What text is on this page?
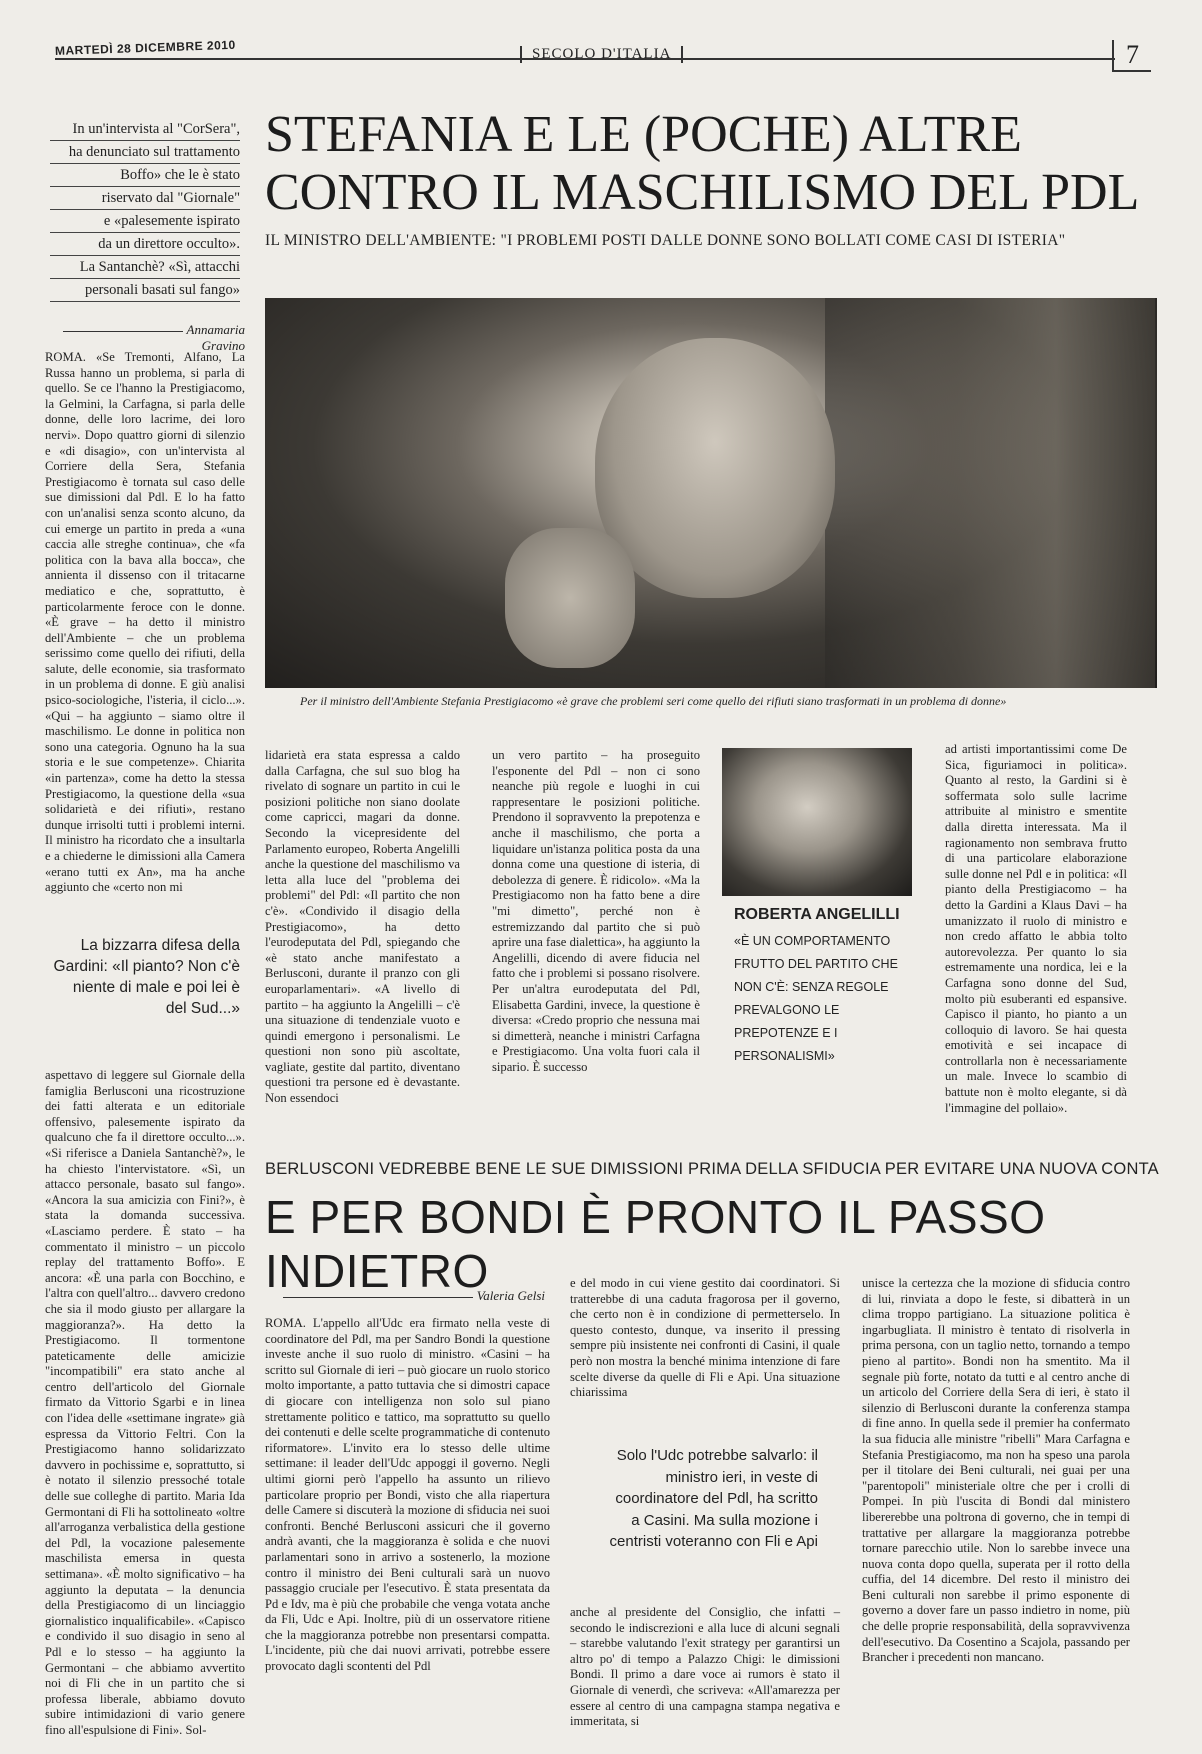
MARTEDÌ 28 DICEMBRE 2010	SECOLO D'ITALIA	7
In un'intervista al "CorSera",
ha denunciato sul trattamento
Boffo» che le è stato
riservato dal "Giornale"
e «palesemente ispirato
da un direttore occulto».
La Santanchè? «Sì, attacchi
personali basati sul fango»
STEFANIA E LE (POCHE) ALTRE
CONTRO IL MASCHILISMO DEL PDL
IL MINISTRO DELL'AMBIENTE: "I PROBLEMI POSTI DALLE DONNE SONO BOLLATI COME CASI DI ISTERIA"
Annamaria Gravino

ROMA. «Se Tremonti, Alfano, La Russa hanno un problema, si parla di quello. Se ce l'hanno la Prestigiacomo, la Gelmini, la Carfagna, si parla delle donne, delle loro lacrime, dei loro nervi». Dopo quattro giorni di silenzio e «di disagio», con un'intervista al Corriere della Sera, Stefania Prestigiacomo è tornata sul caso delle sue dimissioni dal Pdl. E lo ha fatto con un'analisi senza sconto alcuno, da cui emerge un partito in preda a «una caccia alle streghe continua», che «fa politica con la bava alla bocca», che annienta il dissenso con il tritacarne mediatico e che, soprattutto, è particolarmente feroce con le donne. «È grave – ha detto il ministro dell'Ambiente – che un problema serissimo come quello dei rifiuti, della salute, delle economie, sia trasformato in un problema di donne. E giù analisi psico-sociologiche, l'isteria, il ciclo...». «Qui – ha aggiunto – siamo oltre il maschilismo. Le donne in politica non sono una categoria. Ognuno ha la sua storia e le sue competenze». Chiarita «in partenza», come ha detto la stessa Prestigiacomo, la questione della «sua solidarietà e dei rifiuti», restano dunque irrisolti tutti i problemi interni. Il ministro ha ricordato che a insultarla e a chiederne le dimissioni alla Camera «erano tutti ex An», ma ha anche aggiunto che «certo non mi

La bizzarra difesa della Gardini: «Il pianto? Non c'è niente di male e poi lei è del Sud...»

aspettavo di leggere sul Giornale della famiglia Berlusconi una ricostruzione dei fatti alterata e un editoriale offensivo, palesemente ispirato da qualcuno che fa il direttore occulto...». «Si riferisce a Daniela Santanchè?», le ha chiesto l'intervistatore. «Sì, un attacco personale, basato sul fango». «Ancora la sua amicizia con Fini?», è stata la domanda successiva. «Lasciamo perdere. È stato – ha commentato il ministro – un piccolo replay del trattamento Boffo». E ancora: «È una parla con Bocchino, e l'altra con quell'altro... davvero credono che sia il modo giusto per allargare la maggioranza?». Ha detto la Prestigiacomo. Il tormentone pateticamente delle amicizie "incompatibili" era stato anche al centro dell'articolo del Giornale firmato da Vittorio Sgarbi e in linea con l'idea delle «settimane ingrate» già espressa da Vittorio Feltri. Con la Prestigiacomo hanno solidarizzato davvero in pochissime e, soprattutto, si è notato il silenzio pressoché totale delle sue colleghe di partito. Maria Ida Germontani di Fli ha sottolineato «oltre all'arroganza verbalistica della gestione del Pdl, la vocazione palesemente maschilista emersa in questa settimana». «È molto significativo – ha aggiunto la deputata – la denuncia della Prestigiacomo di un linciaggio giornalistico inqualificabile». «Capisco e condivido il suo disagio in seno al Pdl e lo stesso – ha aggiunto la Germontani – che abbiamo avvertito noi di Fli che in un partito che si professa liberale, abbiamo dovuto subire intimidazioni di vario genere fino all'espulsione di Fini». Sol-

Per il ministro dell'Ambiente Stefania Prestigiacomo «è grave che problemi seri come quello dei rifiuti siano trasformati in un problema di donne»

lidarietà era stata espressa a caldo dalla Carfagna, che sul suo blog ha rivelato di sognare un partito in cui le posizioni politiche non siano doolate come capricci, magari da donne. Secondo la vicepresidente del Parlamento europeo, Roberta Angelilli anche la questione del maschilismo va letta alla luce del "problema dei problemi" del Pdl: «Il partito che non c'è». «Condivido il disagio della Prestigiacomo», ha detto l'eurodeputata del Pdl, spiegando che «è stato anche manifestato a Berlusconi, durante il pranzo con gli europarlamentari». «A livello di partito – ha aggiunto la Angelilli – c'è una situazione di tendenziale vuoto e quindi emergono i personalismi. Le questioni non sono più ascoltate, vagliate, gestite dal partito, diventano questioni tra persone ed è devastante. Non essendoci

un vero partito – ha proseguito l'esponente del Pdl – non ci sono neanche più regole e luoghi in cui rappresentare le posizioni politiche. Prendono il sopravvento la prepotenza e anche il maschilismo, che porta a liquidare un'istanza politica posta da una donna come una questione di isteria, di debolezza di genere. È ridicolo». «Ma la Prestigiacomo non ha fatto bene a dire "mi dimetto", perché non è estremizzando dal partito che si può aprire una fase dialettica», ha aggiunto la Angelilli, dicendo di avere fiducia nel fatto che i problemi si possano risolvere. Per un'altra eurodeputata del Pdl, Elisabetta Gardini, invece, la questione è diversa: «Credo proprio che nessuna mai si dimetterà, neanche i ministri Carfagna e Prestigiacomo. Una volta fuori cala il sipario. È successo

ROBERTA ANGELILLI
«È UN COMPORTAMENTO FRUTTO DEL PARTITO CHE NON C'È: SENZA REGOLE PREVALGONO LE PREPOTENZE E I PERSONALISMI»

ad artisti importantissimi come De Sica, figuriamoci in politica». Quanto al resto, la Gardini si è soffermata solo sulle lacrime attribuite al ministro e smentite dalla diretta interessata. Ma il ragionamento non sembrava frutto di una particolare elaborazione sulle donne nel Pdl e in politica: «Il pianto della Prestigiacomo – ha detto la Gardini a Klaus Davi – ha umanizzato il ruolo di ministro e non credo affatto le abbia tolto autorevolezza. Per quanto lo sia estremamente una nordica, lei e la Carfagna sono donne del Sud, molto più esuberanti ed espansive. Capisco il pianto, ho pianto a un colloquio di lavoro. Se hai questa emotività e sei incapace di controllarla non è necessariamente un male. Invece lo scambio di battute non è molto elegante, si dà l'immagine del pollaio».

BERLUSCONI VEDREBBE BENE LE SUE DIMISSIONI PRIMA DELLA SFIDUCIA PER EVITARE UNA NUOVA CONTA
E PER BONDI È PRONTO IL PASSO INDIETRO
Valeria Gelsi

ROMA. L'appello all'Udc era firmato nella veste di coordinatore del Pdl, ma per Sandro Bondi la questione investe anche il suo ruolo di ministro. «Casini – ha scritto sul Giornale di ieri – può giocare un ruolo storico molto importante, a patto tuttavia che si dimostri capace di giocare con intelligenza non solo sul piano strettamente politico e tattico, ma soprattutto su quello dei contenuti e delle scelte programmatiche di contenuto riformatore». L'invito era lo stesso delle ultime settimane: il leader dell'Udc appoggi il governo. Negli ultimi giorni però l'appello ha assunto un rilievo particolare proprio per Bondi, visto che alla riapertura delle Camere si discuterà la mozione di sfiducia nei suoi confronti. Benché Berlusconi assicuri che il governo andrà avanti, che la maggioranza è solida e che nuovi parlamentari sono in arrivo a sostenerlo, la mozione contro il ministro dei Beni culturali sarà un nuovo passaggio cruciale per l'esecutivo. È stata presentata da Pd e Idv, ma è più che probabile che venga votata anche da Fli, Udc e Api. Inoltre, più di un osservatore ritiene che la maggioranza potrebbe non presentarsi compatta. L'incidente, più che dai nuovi arrivati, potrebbe essere provocato dagli scontenti del Pdl

e del modo in cui viene gestito dai coordinatori. Si tratterebbe di una caduta fragorosa per il governo, che certo non è in condizione di permetterselo. In questo contesto, dunque, va inserito il pressing sempre più insistente nei confronti di Casini, il quale però non mostra la benché minima intenzione di fare scelte diverse da quelle di Fli e Api. Una situazione chiarissima

Solo l'Udc potrebbe salvarlo: il ministro ieri, in veste di coordinatore del Pdl, ha scritto a Casini. Ma sulla mozione i centristi voteranno con Fli e Api

anche al presidente del Consiglio, che infatti – secondo le indiscrezioni e alla luce di alcuni segnali – starebbe valutando l'exit strategy per garantirsi un altro po' di tempo a Palazzo Chigi: le dimissioni Bondi. Il primo a dare voce ai rumors è stato il Giornale di venerdì, che scriveva: «All'amarezza per essere al centro di una campagna stampa negativa e immeritata, si

unisce la certezza che la mozione di sfiducia contro di lui, rinviata a dopo le feste, si dibatterà in un clima troppo partigiano. La situazione politica è ingarbugliata. Il ministro è tentato di risolverla in prima persona, con un taglio netto, tornando a tempo pieno al partito». Bondi non ha smentito. Ma il segnale più forte, notato da tutti e al centro anche di un articolo del Corriere della Sera di ieri, è stato il silenzio di Berlusconi durante la conferenza stampa di fine anno. In quella sede il premier ha confermato la sua fiducia alle ministre "ribelli" Mara Carfagna e Stefania Prestigiacomo, ma non ha speso una parola per il titolare dei Beni culturali, nei guai per una "parentopoli" ministeriale oltre che per i crolli di Pompei. In più l'uscita di Bondi dal ministero libererebbe una poltrona di governo, che in tempi di trattative per allargare la maggioranza potrebbe tornare parecchio utile. Non lo sarebbe invece una nuova conta dopo quella, superata per il rotto della cuffia, del 14 dicembre. Del resto il ministro dei Beni culturali non sarebbe il primo esponente di governo a dover fare un passo indietro in nome, più che delle proprie responsabilità, della sopravvivenza dell'esecutivo. Da Cosentino a Scajola, passando per Brancher i precedenti non mancano.
